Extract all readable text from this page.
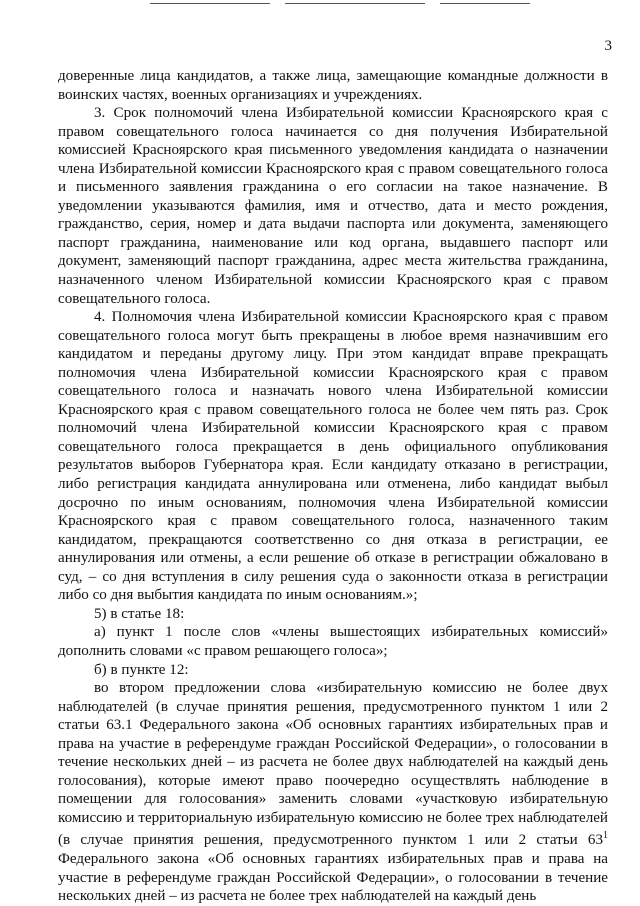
3

доверенные лица кандидатов, а также лица, замещающие командные должности в воинских частях, военных организациях и учреждениях.

3. Срок полномочий члена Избирательной комиссии Красноярского края с правом совещательного голоса начинается со дня получения Избирательной комиссией Красноярского края письменного уведомления кандидата о назначении члена Избирательной комиссии Красноярского края с правом совещательного голоса и письменного заявления гражданина о его согласии на такое назначение. В уведомлении указываются фамилия, имя и отчество, дата и место рождения, гражданство, серия, номер и дата выдачи паспорта или документа, заменяющего паспорт гражданина, наименование или код органа, выдавшего паспорт или документ, заменяющий паспорт гражданина, адрес места жительства гражданина, назначенного членом Избирательной комиссии Красноярского края с правом совещательного голоса.

4. Полномочия члена Избирательной комиссии Красноярского края с правом совещательного голоса могут быть прекращены в любое время назначившим его кандидатом и переданы другому лицу. При этом кандидат вправе прекращать полномочия члена Избирательной комиссии Красноярского края с правом совещательного голоса и назначать нового члена Избирательной комиссии Красноярского края с правом совещательного голоса не более чем пять раз. Срок полномочий члена Избирательной комиссии Красноярского края с правом совещательного голоса прекращается в день официального опубликования результатов выборов Губернатора края. Если кандидату отказано в регистрации, либо регистрация кандидата аннулирована или отменена, либо кандидат выбыл досрочно по иным основаниям, полномочия члена Избирательной комиссии Красноярского края с правом совещательного голоса, назначенного таким кандидатом, прекращаются соответственно со дня отказа в регистрации, ее аннулирования или отмены, а если решение об отказе в регистрации обжаловано в суд, – со дня вступления в силу решения суда о законности отказа в регистрации либо со дня выбытия кандидата по иным основаниям.»;

5) в статье 18:

а) пункт 1 после слов «члены вышестоящих избирательных комиссий» дополнить словами «с правом решающего голоса»;

б) в пункте 12:

во втором предложении слова «избирательную комиссию не более двух наблюдателей (в случае принятия решения, предусмотренного пунктом 1 или 2 статьи 63.1 Федерального закона «Об основных гарантиях избирательных прав и права на участие в референдуме граждан Российской Федерации», о голосовании в течение нескольких дней – из расчета не более двух наблюдателей на каждый день голосования), которые имеют право поочередно осуществлять наблюдение в помещении для голосования» заменить словами «участковую избирательную комиссию и территориальную избирательную комиссию не более трех наблюдателей (в случае принятия решения, предусмотренного пунктом 1 или 2 статьи $63^1$ Федерального закона «Об основных гарантиях избирательных прав и права на участие в референдуме граждан Российской Федерации», о голосовании в течение нескольких дней – из расчета не более трех наблюдателей на каждый день
